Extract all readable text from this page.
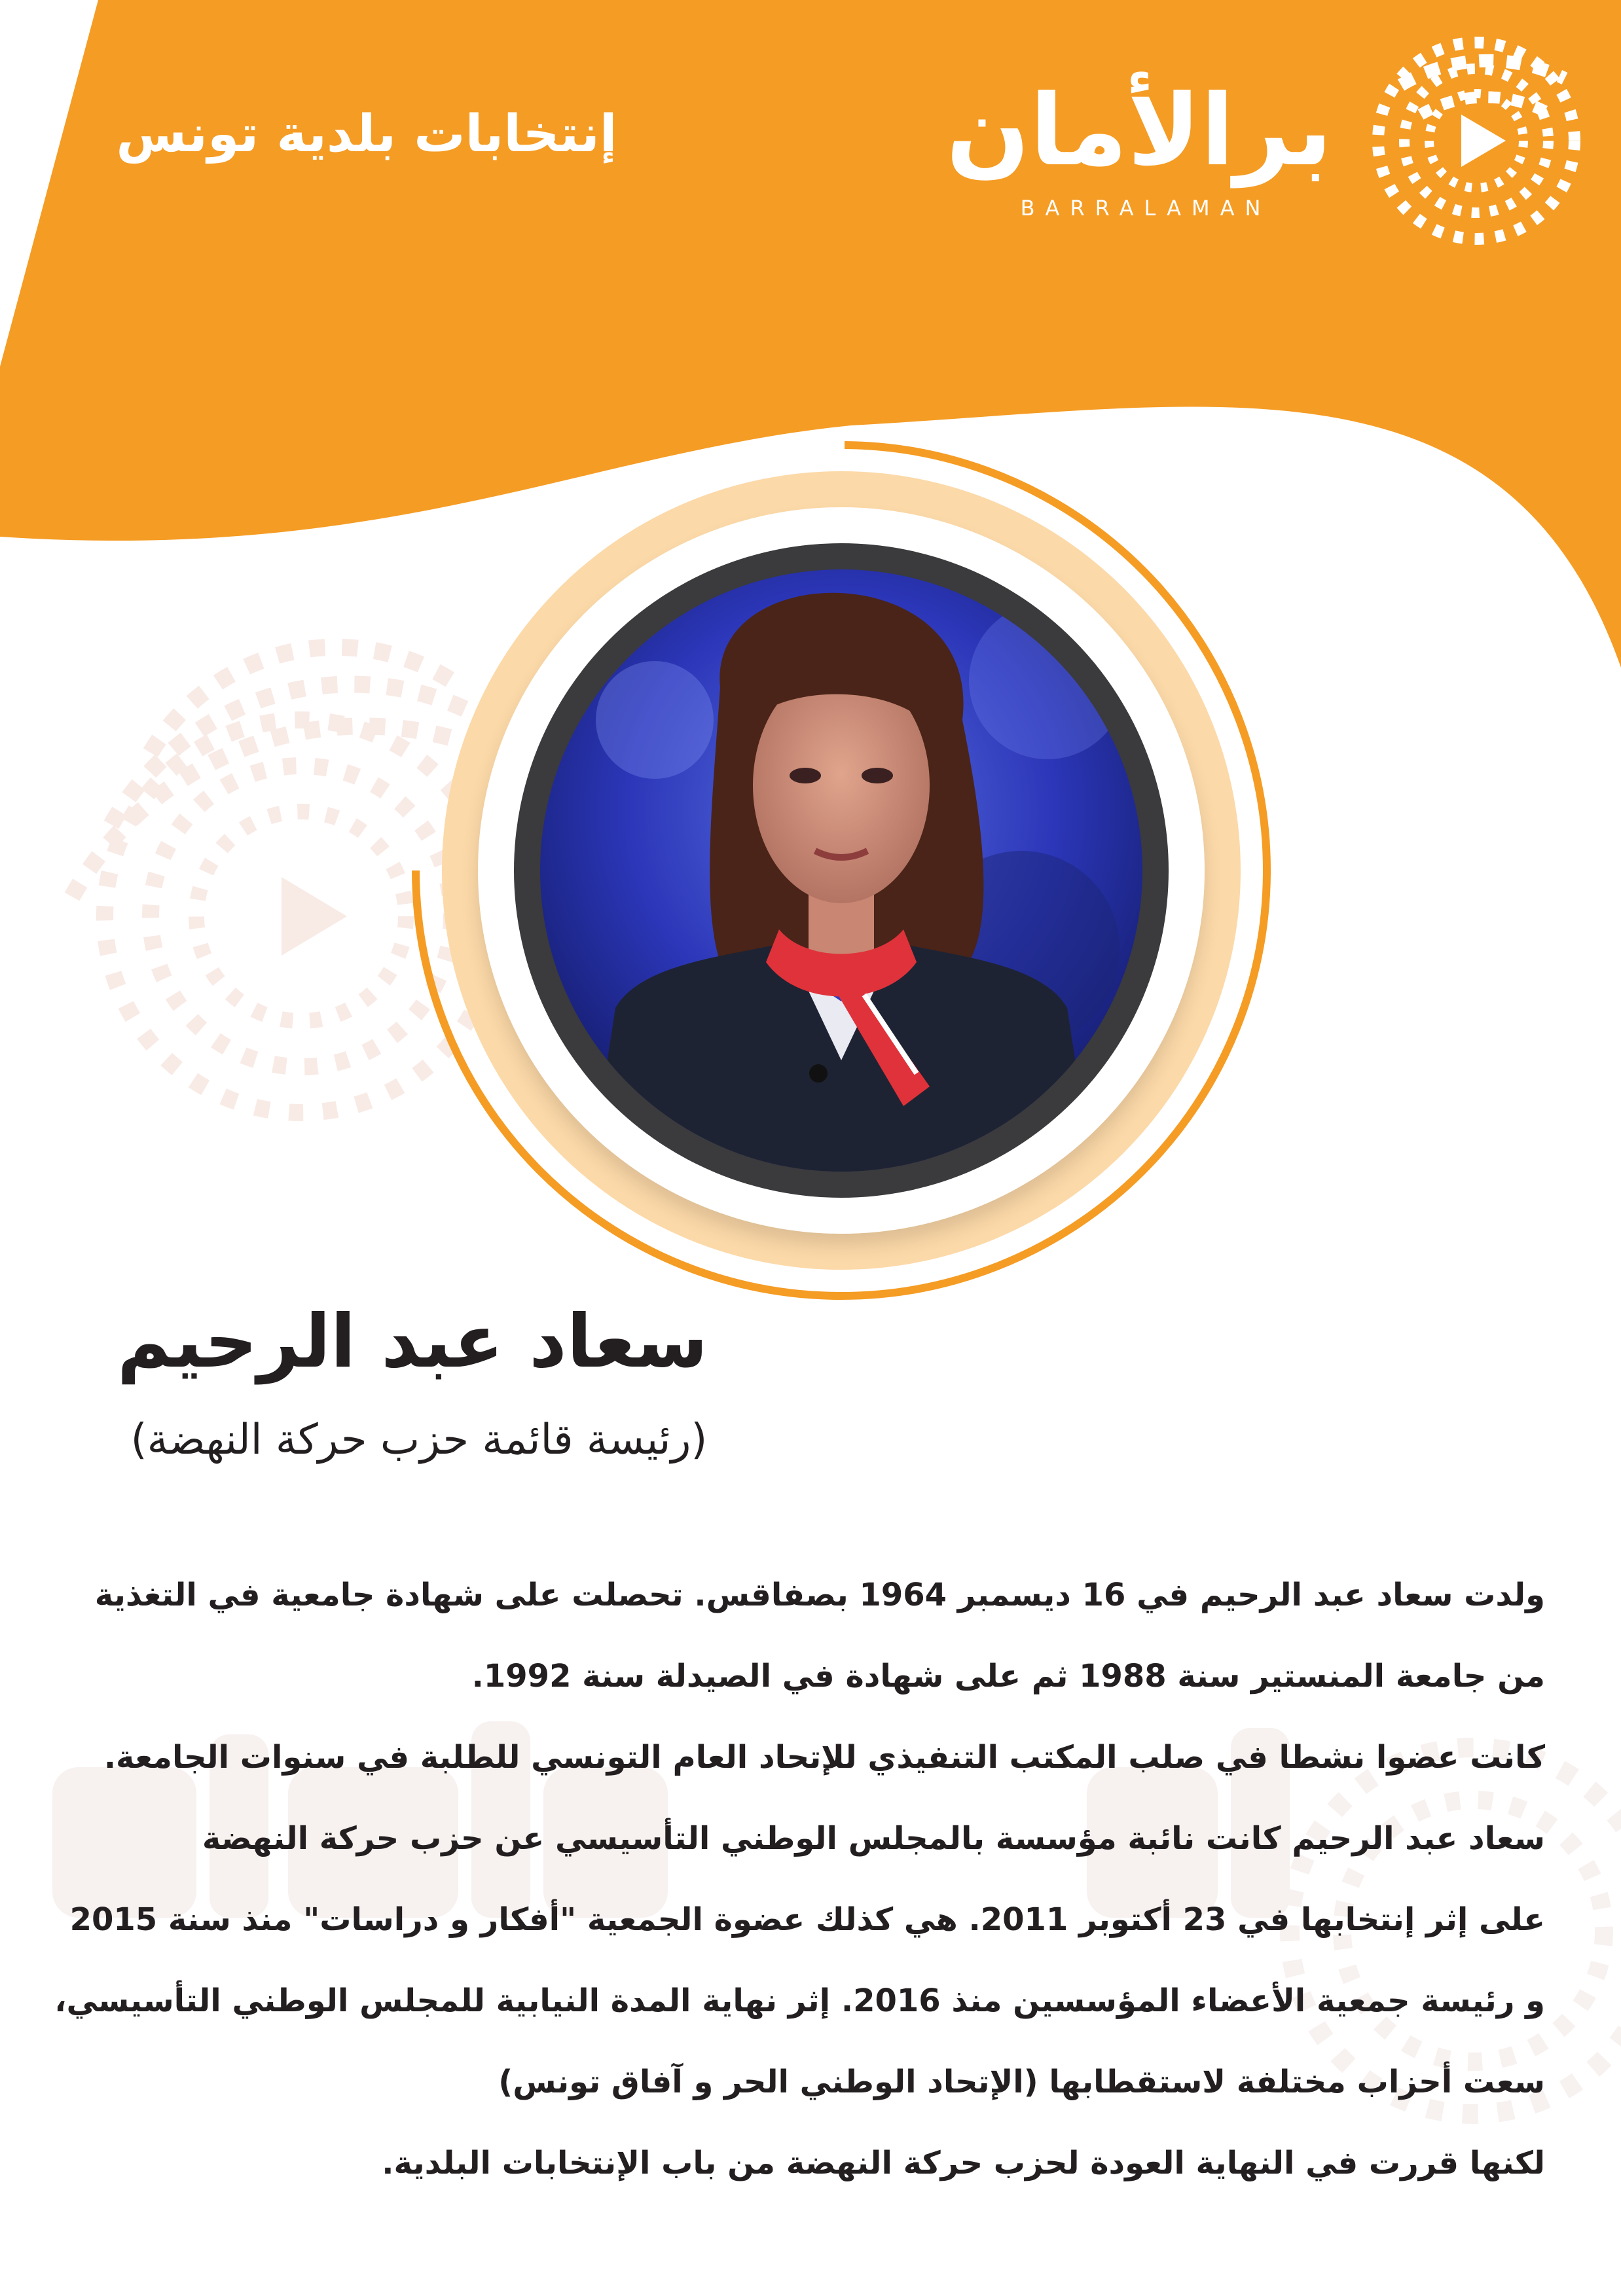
إنتخابات بلدية تونس	برالأمان
BARRALAMAN
سعاد عبد الرحيم
(رئيسة قائمة حزب حركة النهضة)
ولدت سعاد عبد الرحيم في 16 ديسمبر 1964 بصفاقس. تحصلت على شهادة جامعية في التغذية
من جامعة المنستير سنة 1988 ثم على شهادة في الصيدلة سنة 1992.
كانت عضوا نشطا في صلب المكتب التنفيذي للإتحاد العام التونسي للطلبة في سنوات الجامعة.
سعاد عبد الرحيم كانت نائبة مؤسسة بالمجلس الوطني التأسيسي عن حزب حركة النهضة
على إثر إنتخابها في 23 أكتوبر 2011. هي كذلك عضوة الجمعية "أفكار و دراسات" منذ سنة 2015
و رئيسة جمعية الأعضاء المؤسسين منذ 2016. إثر نهاية المدة النيابية للمجلس الوطني التأسيسي،
سعت أحزاب مختلفة لاستقطابها (الإتحاد الوطني الحر و آفاق تونس)
لكنها قررت في النهاية العودة لحزب حركة النهضة من باب الإنتخابات البلدية.
